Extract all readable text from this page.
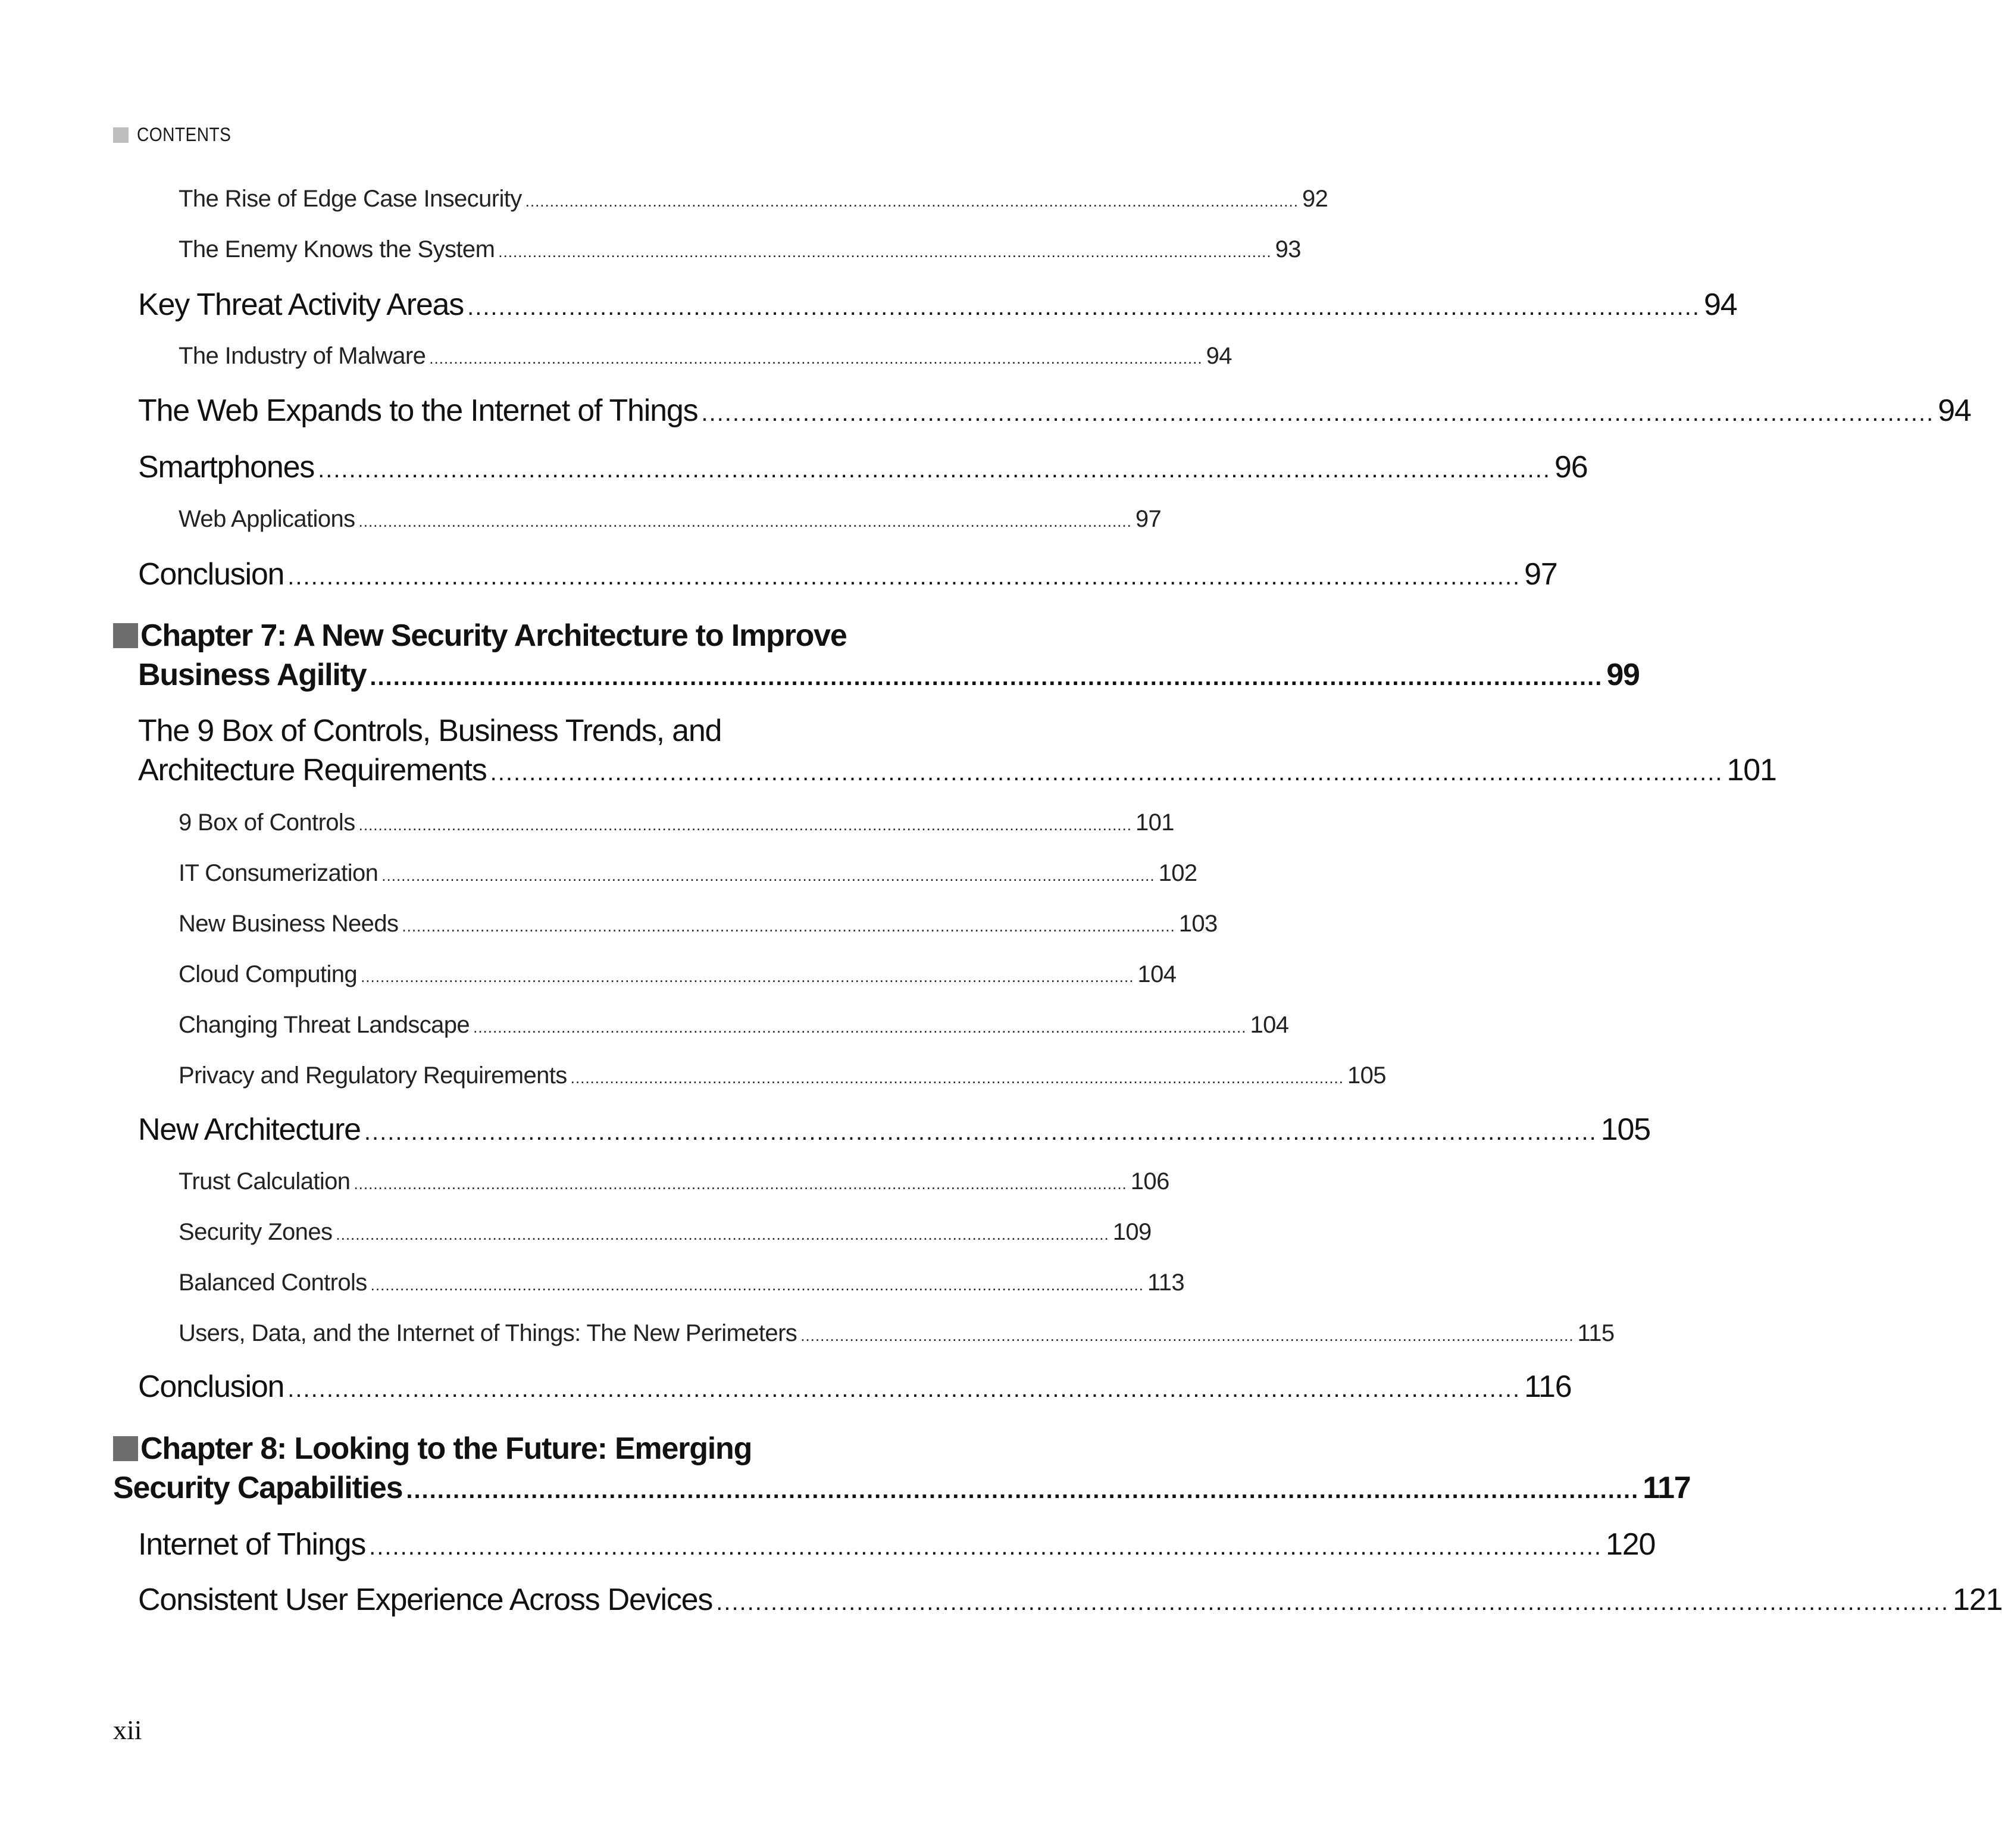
CONTENTS
The Rise of Edge Case Insecurity .............................................................................................................................................................. 92
The Enemy Knows the System .............................................................................................................................................................. 93
Key Threat Activity Areas .............................................................................................................................................................. 94
The Industry of Malware .............................................................................................................................................................. 94
The Web Expands to the Internet of Things .............................................................................................................................................................. 94
Smartphones .............................................................................................................................................................. 96
Web Applications .............................................................................................................................................................. 97
Conclusion .............................................................................................................................................................. 97
Chapter 7: A New Security Architecture to Improve
Business Agility .............................................................................................................................................................. 99
The 9 Box of Controls, Business Trends, and
Architecture Requirements .............................................................................................................................................................. 101
9 Box of Controls .............................................................................................................................................................. 101
IT Consumerization .............................................................................................................................................................. 102
New Business Needs .............................................................................................................................................................. 103
Cloud Computing .............................................................................................................................................................. 104
Changing Threat Landscape .............................................................................................................................................................. 104
Privacy and Regulatory Requirements .............................................................................................................................................................. 105
New Architecture .............................................................................................................................................................. 105
Trust Calculation .............................................................................................................................................................. 106
Security Zones .............................................................................................................................................................. 109
Balanced Controls .............................................................................................................................................................. 113
Users, Data, and the Internet of Things: The New Perimeters .............................................................................................................................................................. 115
Conclusion .............................................................................................................................................................. 116
Chapter 8: Looking to the Future: Emerging
Security Capabilities .............................................................................................................................................................. 117
Internet of Things .............................................................................................................................................................. 120
Consistent User Experience Across Devices .............................................................................................................................................................. 121
xii
